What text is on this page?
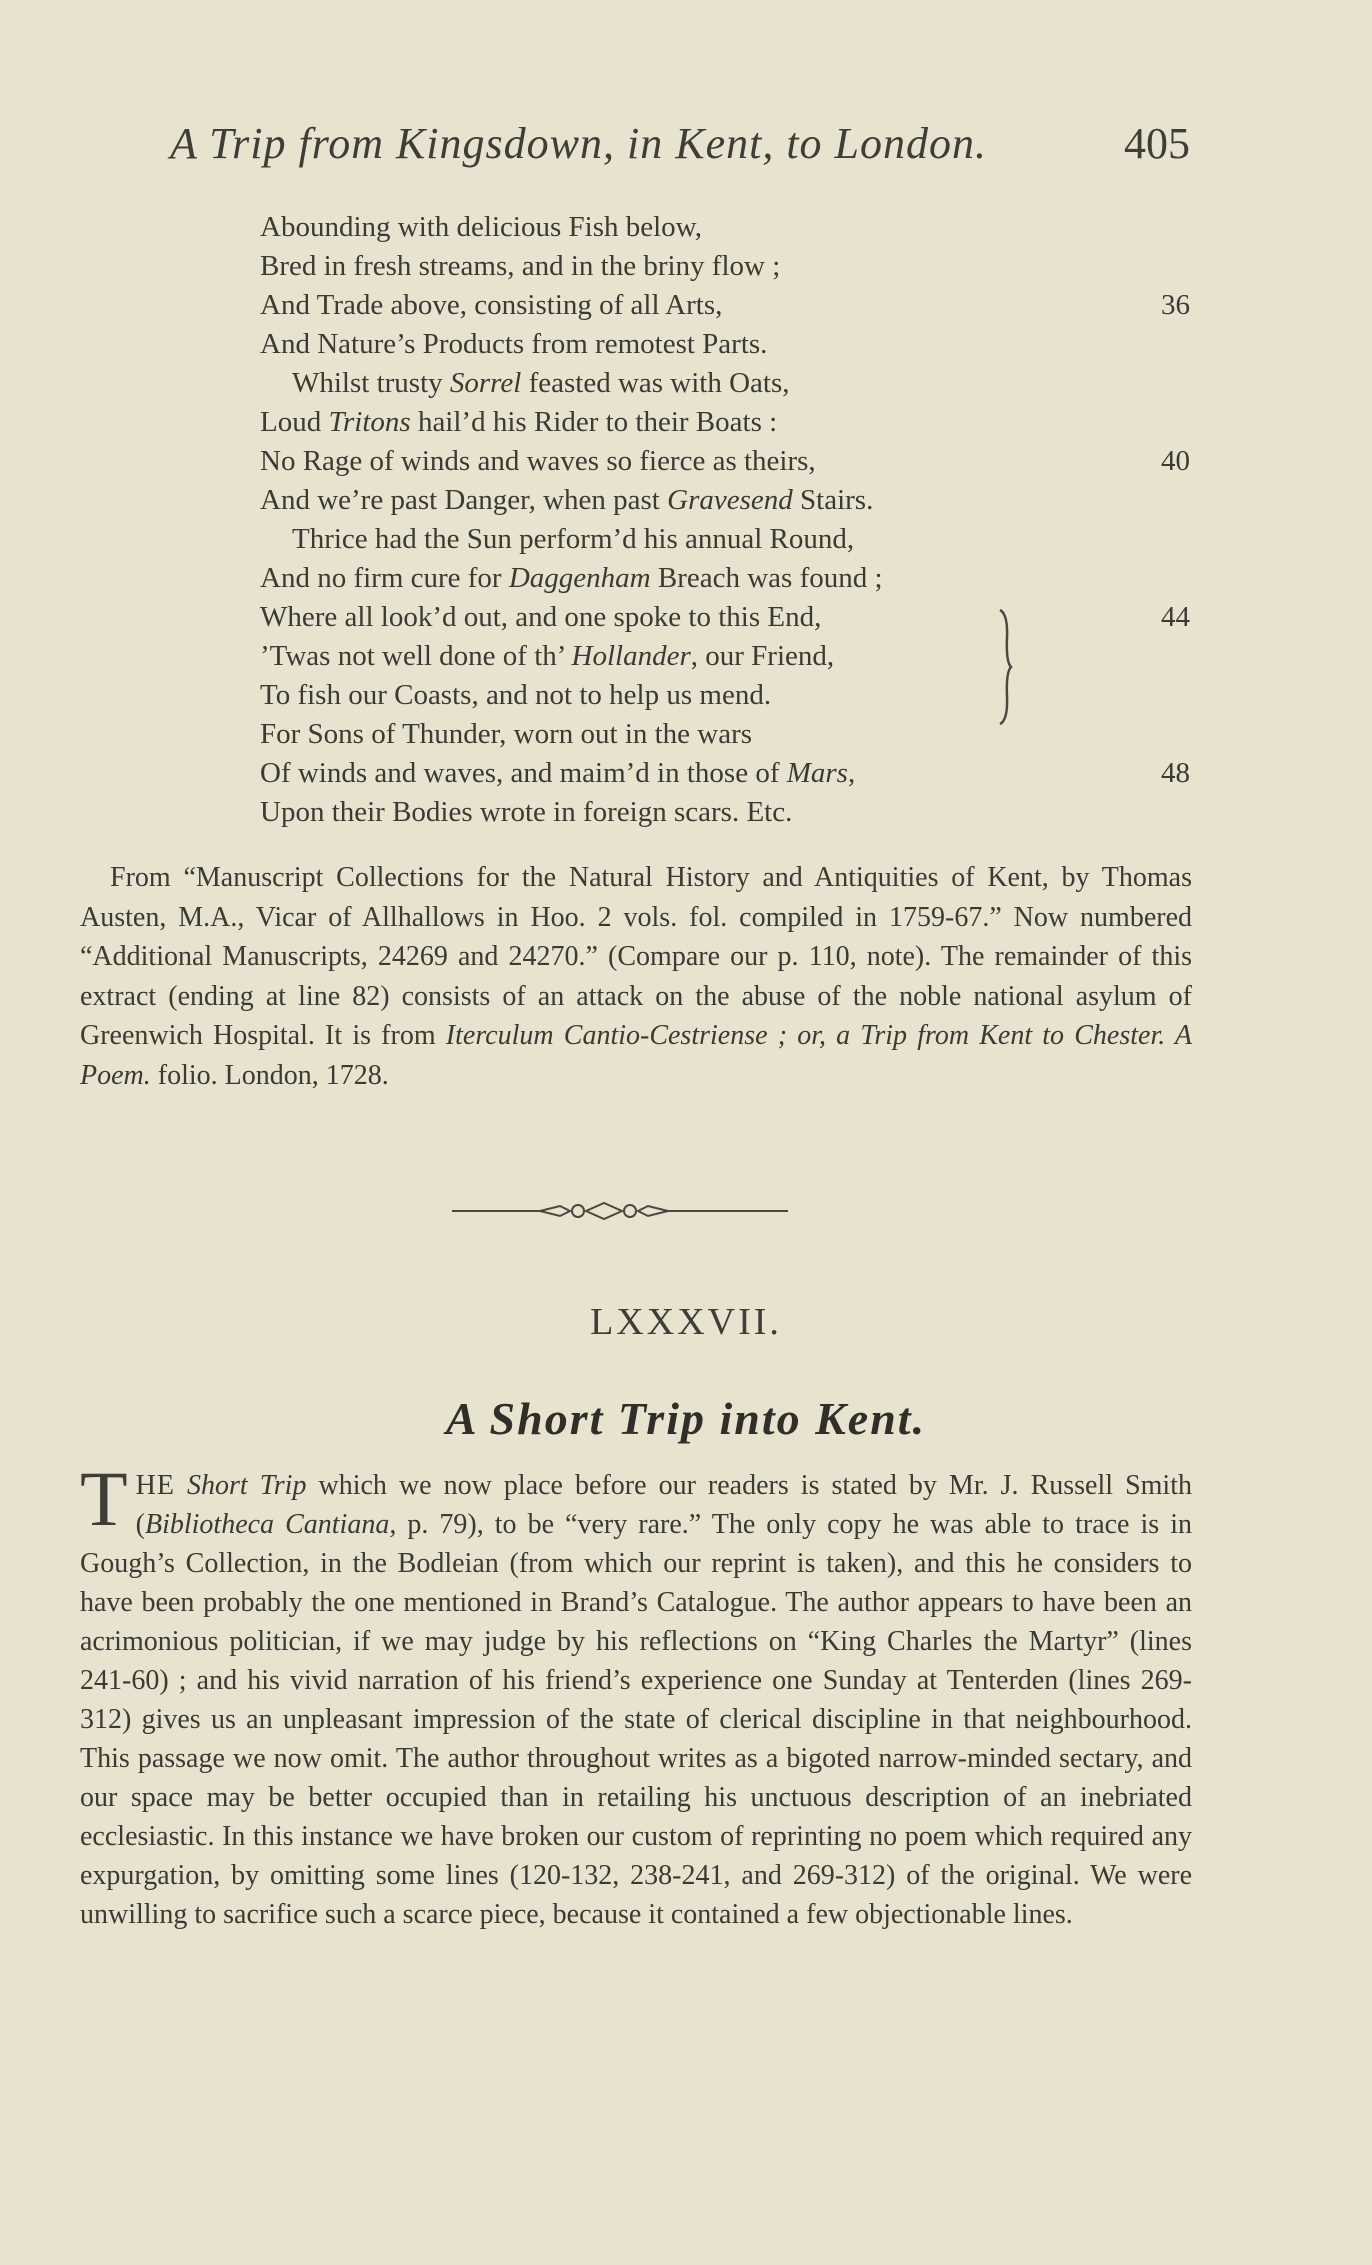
A Trip from Kingsdown, in Kent, to London.	405
Abounding with delicious Fish below,
Bred in fresh streams, and in the briny flow ;
And Trade above, consisting of all Arts,	36
And Nature’s Products from remotest Parts.
Whilst trusty Sorrel feasted was with Oats,
Loud Tritons hail’d his Rider to their Boats :
No Rage of winds and waves so fierce as theirs,	40
And we’re past Danger, when past Gravesend Stairs.
Thrice had the Sun perform’d his annual Round,
And no firm cure for Daggenham Breach was found ;
Where all look’d out, and one spoke to this End,	44
’Twas not well done of th’ Hollander, our Friend,
To fish our Coasts, and not to help us mend.
For Sons of Thunder, worn out in the wars
Of winds and waves, and maim’d in those of Mars,	48
Upon their Bodies wrote in foreign scars. Etc.

From “Manuscript Collections for the Natural History and Antiquities of Kent, by Thomas Austen, M.A., Vicar of Allhallows in Hoo. 2 vols. fol. compiled in 1759-67.” Now numbered “Additional Manuscripts, 24269 and 24270.” (Compare our p. 110, note). The remainder of this extract (ending at line 82) consists of an attack on the abuse of the noble national asylum of Greenwich Hospital. It is from Iterculum Cantio-Cestriense ; or, a Trip from Kent to Chester. A Poem. folio. London, 1728.

LXXXVII.
A Short Trip into Kent.

THE Short Trip which we now place before our readers is stated by Mr. J. Russell Smith (Bibliotheca Cantiana, p. 79), to be “very rare.” The only copy he was able to trace is in Gough’s Collection, in the Bodleian (from which our reprint is taken), and this he considers to have been probably the one mentioned in Brand’s Catalogue. The author appears to have been an acrimonious politician, if we may judge by his reflections on “King Charles the Martyr” (lines 241-60) ; and his vivid narration of his friend’s experience one Sunday at Tenterden (lines 269-312) gives us an unpleasant impression of the state of clerical discipline in that neighbourhood. This passage we now omit. The author throughout writes as a bigoted narrow-minded sectary, and our space may be better occupied than in retailing his unctuous description of an inebriated ecclesiastic. In this instance we have broken our custom of reprinting no poem which required any expurgation, by omitting some lines (120-132, 238-241, and 269-312) of the original. We were unwilling to sacrifice such a scarce piece, because it contained a few objectionable lines.
